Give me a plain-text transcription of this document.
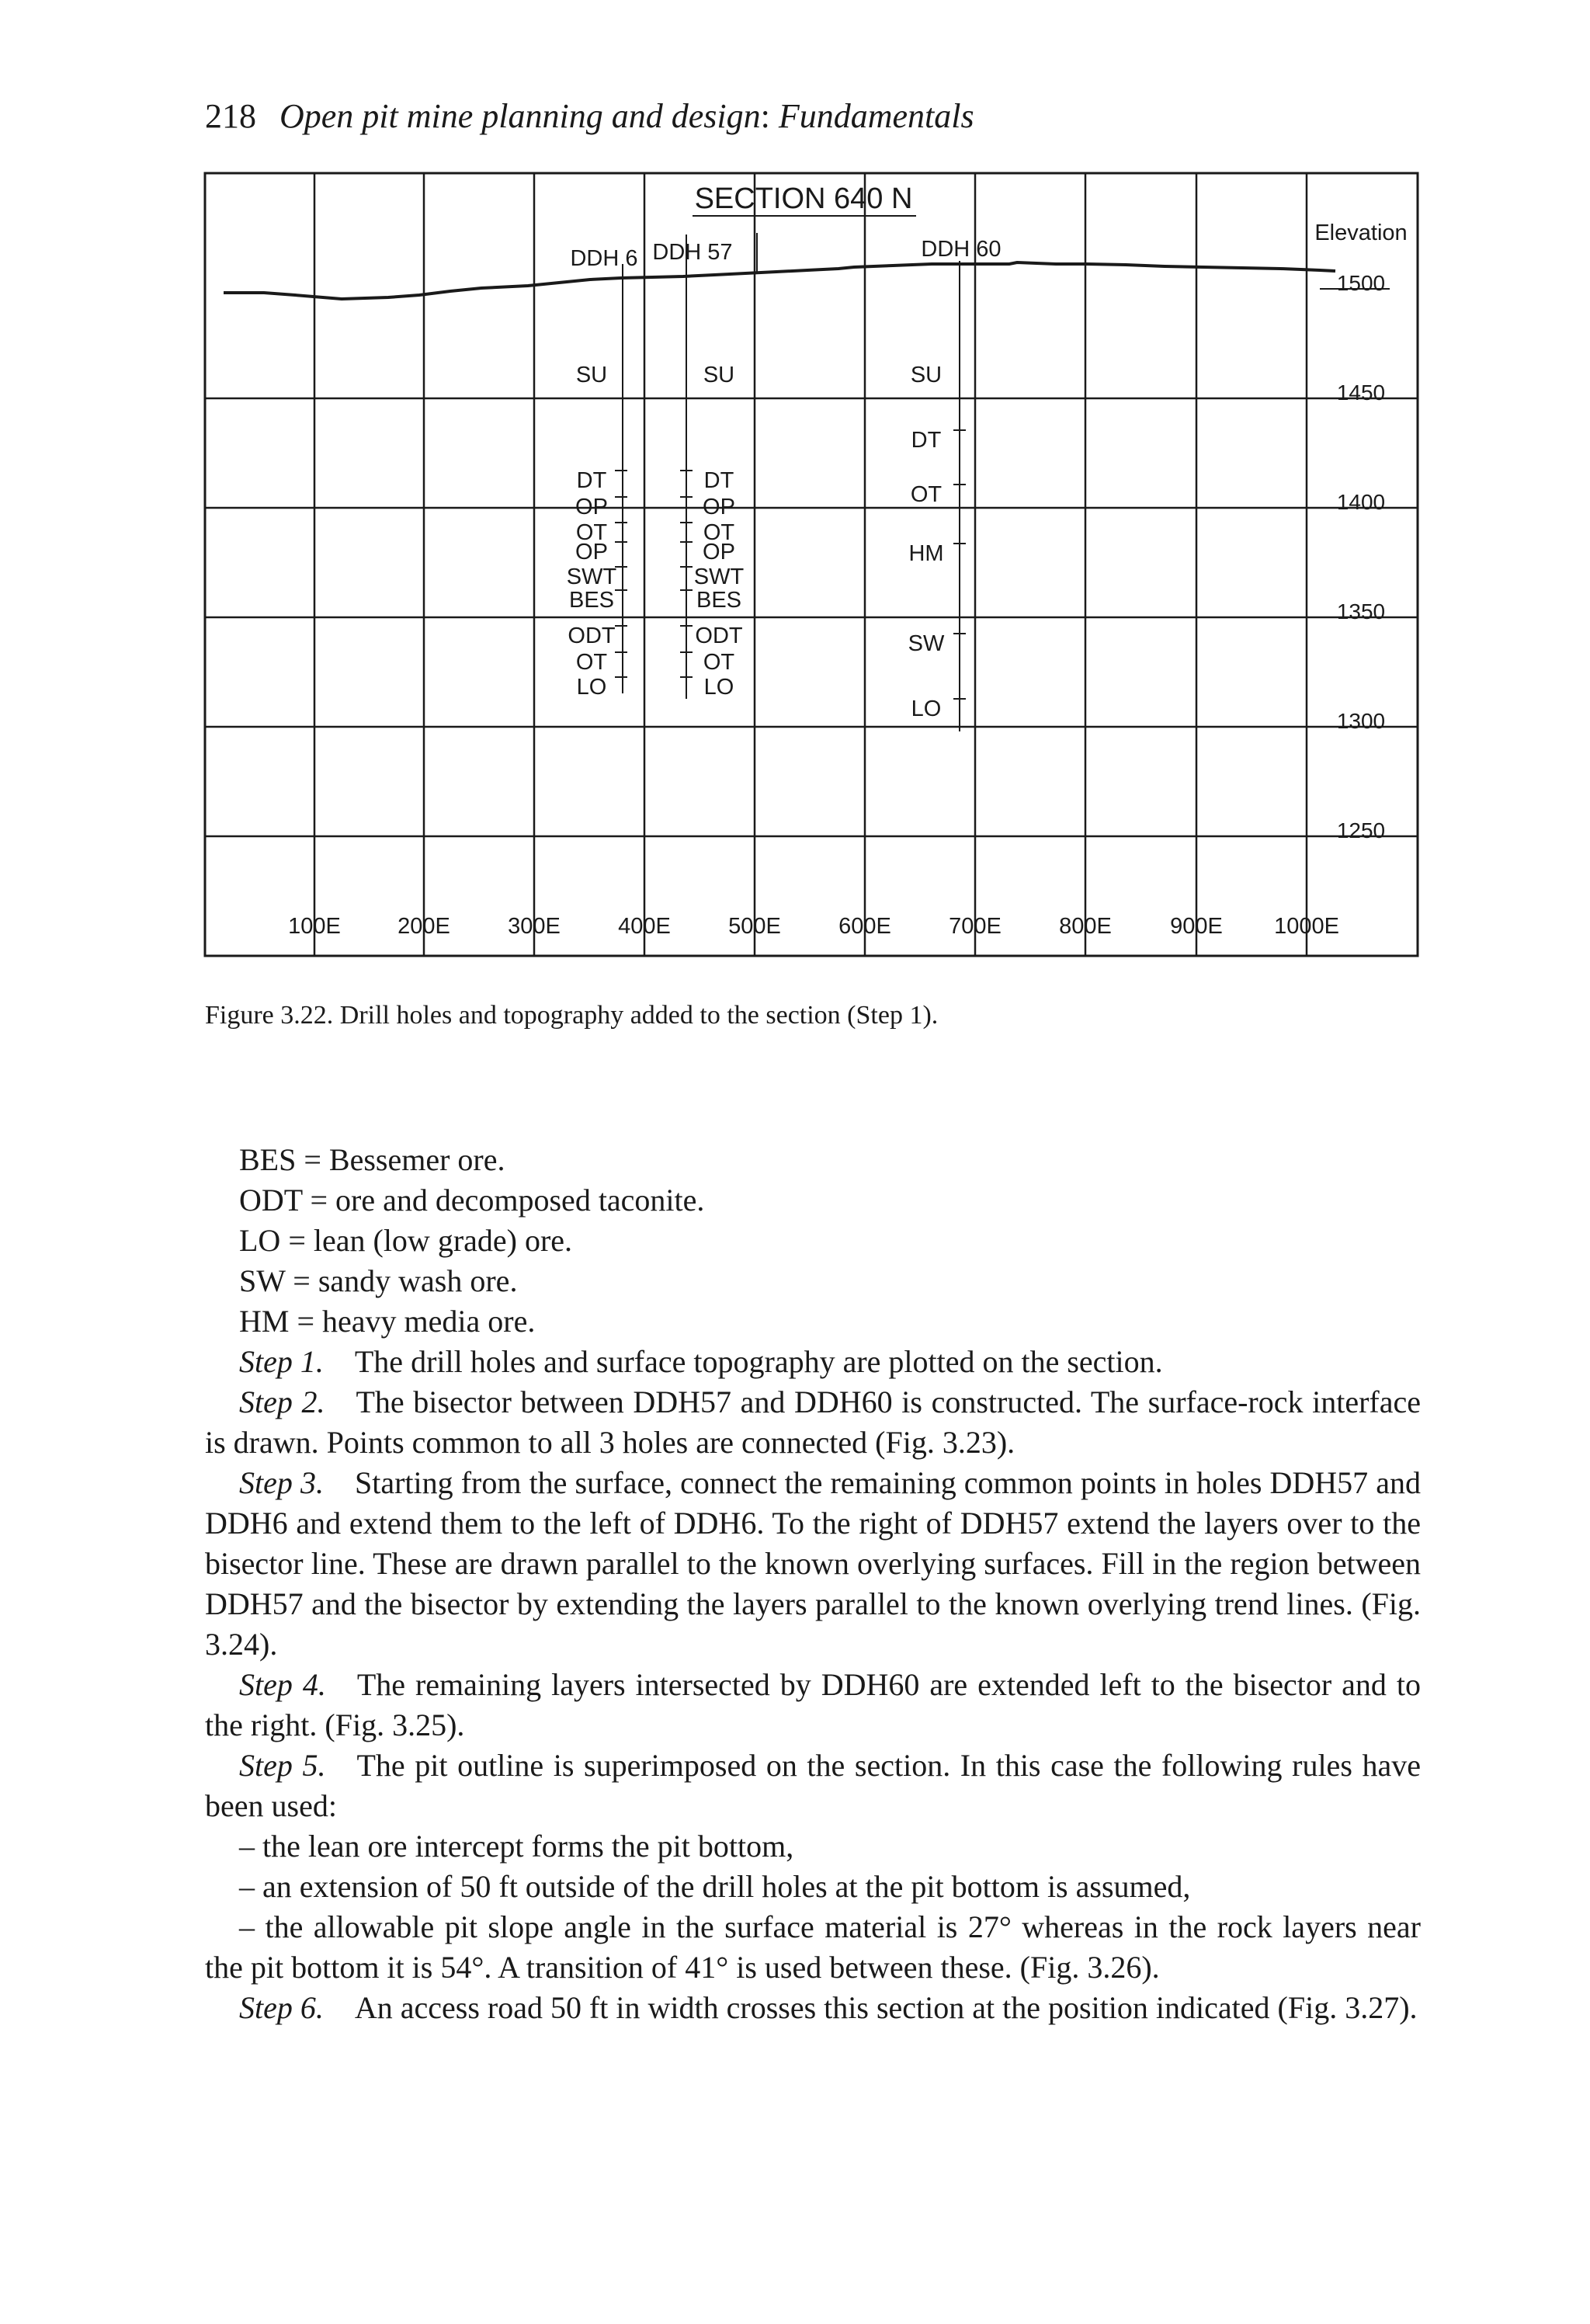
218 Open pit mine planning and design: Fundamentals
1500
1450
1400
1350
1300
1250
100E	200E	300E	400E	500E	600E	700E	800E	900E 1000E
SECTION 640 N
Elevation
DDH 6
SU
DT
OP
OT
OP
SWT
BES
ODT
OT
LO
DDH 57
SU
DT
OP
OT
OP
SWT
BES
ODT
OT
LO
DDH 60
SU
DT
OT
HM
SW
LO
Figure 3.22. Drill holes and topography added to the section (Step 1).

BES = Bessemer ore.

ODT = ore and decomposed taconite.

LO = lean (low grade) ore.

SW = sandy wash ore.

HM = heavy media ore.

Step 1.  The drill holes and surface topography are plotted on the section.

Step 2.  The bisector between DDH57 and DDH60 is constructed. The surface-rock interface is drawn. Points common to all 3 holes are connected (Fig. 3.23).

Step 3.  Starting from the surface, connect the remaining common points in holes DDH57 and DDH6 and extend them to the left of DDH6. To the right of DDH57 extend the layers over to the bisector line. These are drawn parallel to the known overlying surfaces. Fill in the region between DDH57 and the bisector by extending the layers parallel to the known overlying trend lines. (Fig. 3.24).

Step 4.  The remaining layers intersected by DDH60 are extended left to the bisector and to the right. (Fig. 3.25).

Step 5.  The pit outline is superimposed on the section. In this case the following rules have been used:

– the lean ore intercept forms the pit bottom,

– an extension of 50 ft outside of the drill holes at the pit bottom is assumed,

– the allowable pit slope angle in the surface material is 27° whereas in the rock layers near the pit bottom it is 54°. A transition of 41° is used between these. (Fig. 3.26).

Step 6.  An access road 50 ft in width crosses this section at the position indicated (Fig. 3.27).
